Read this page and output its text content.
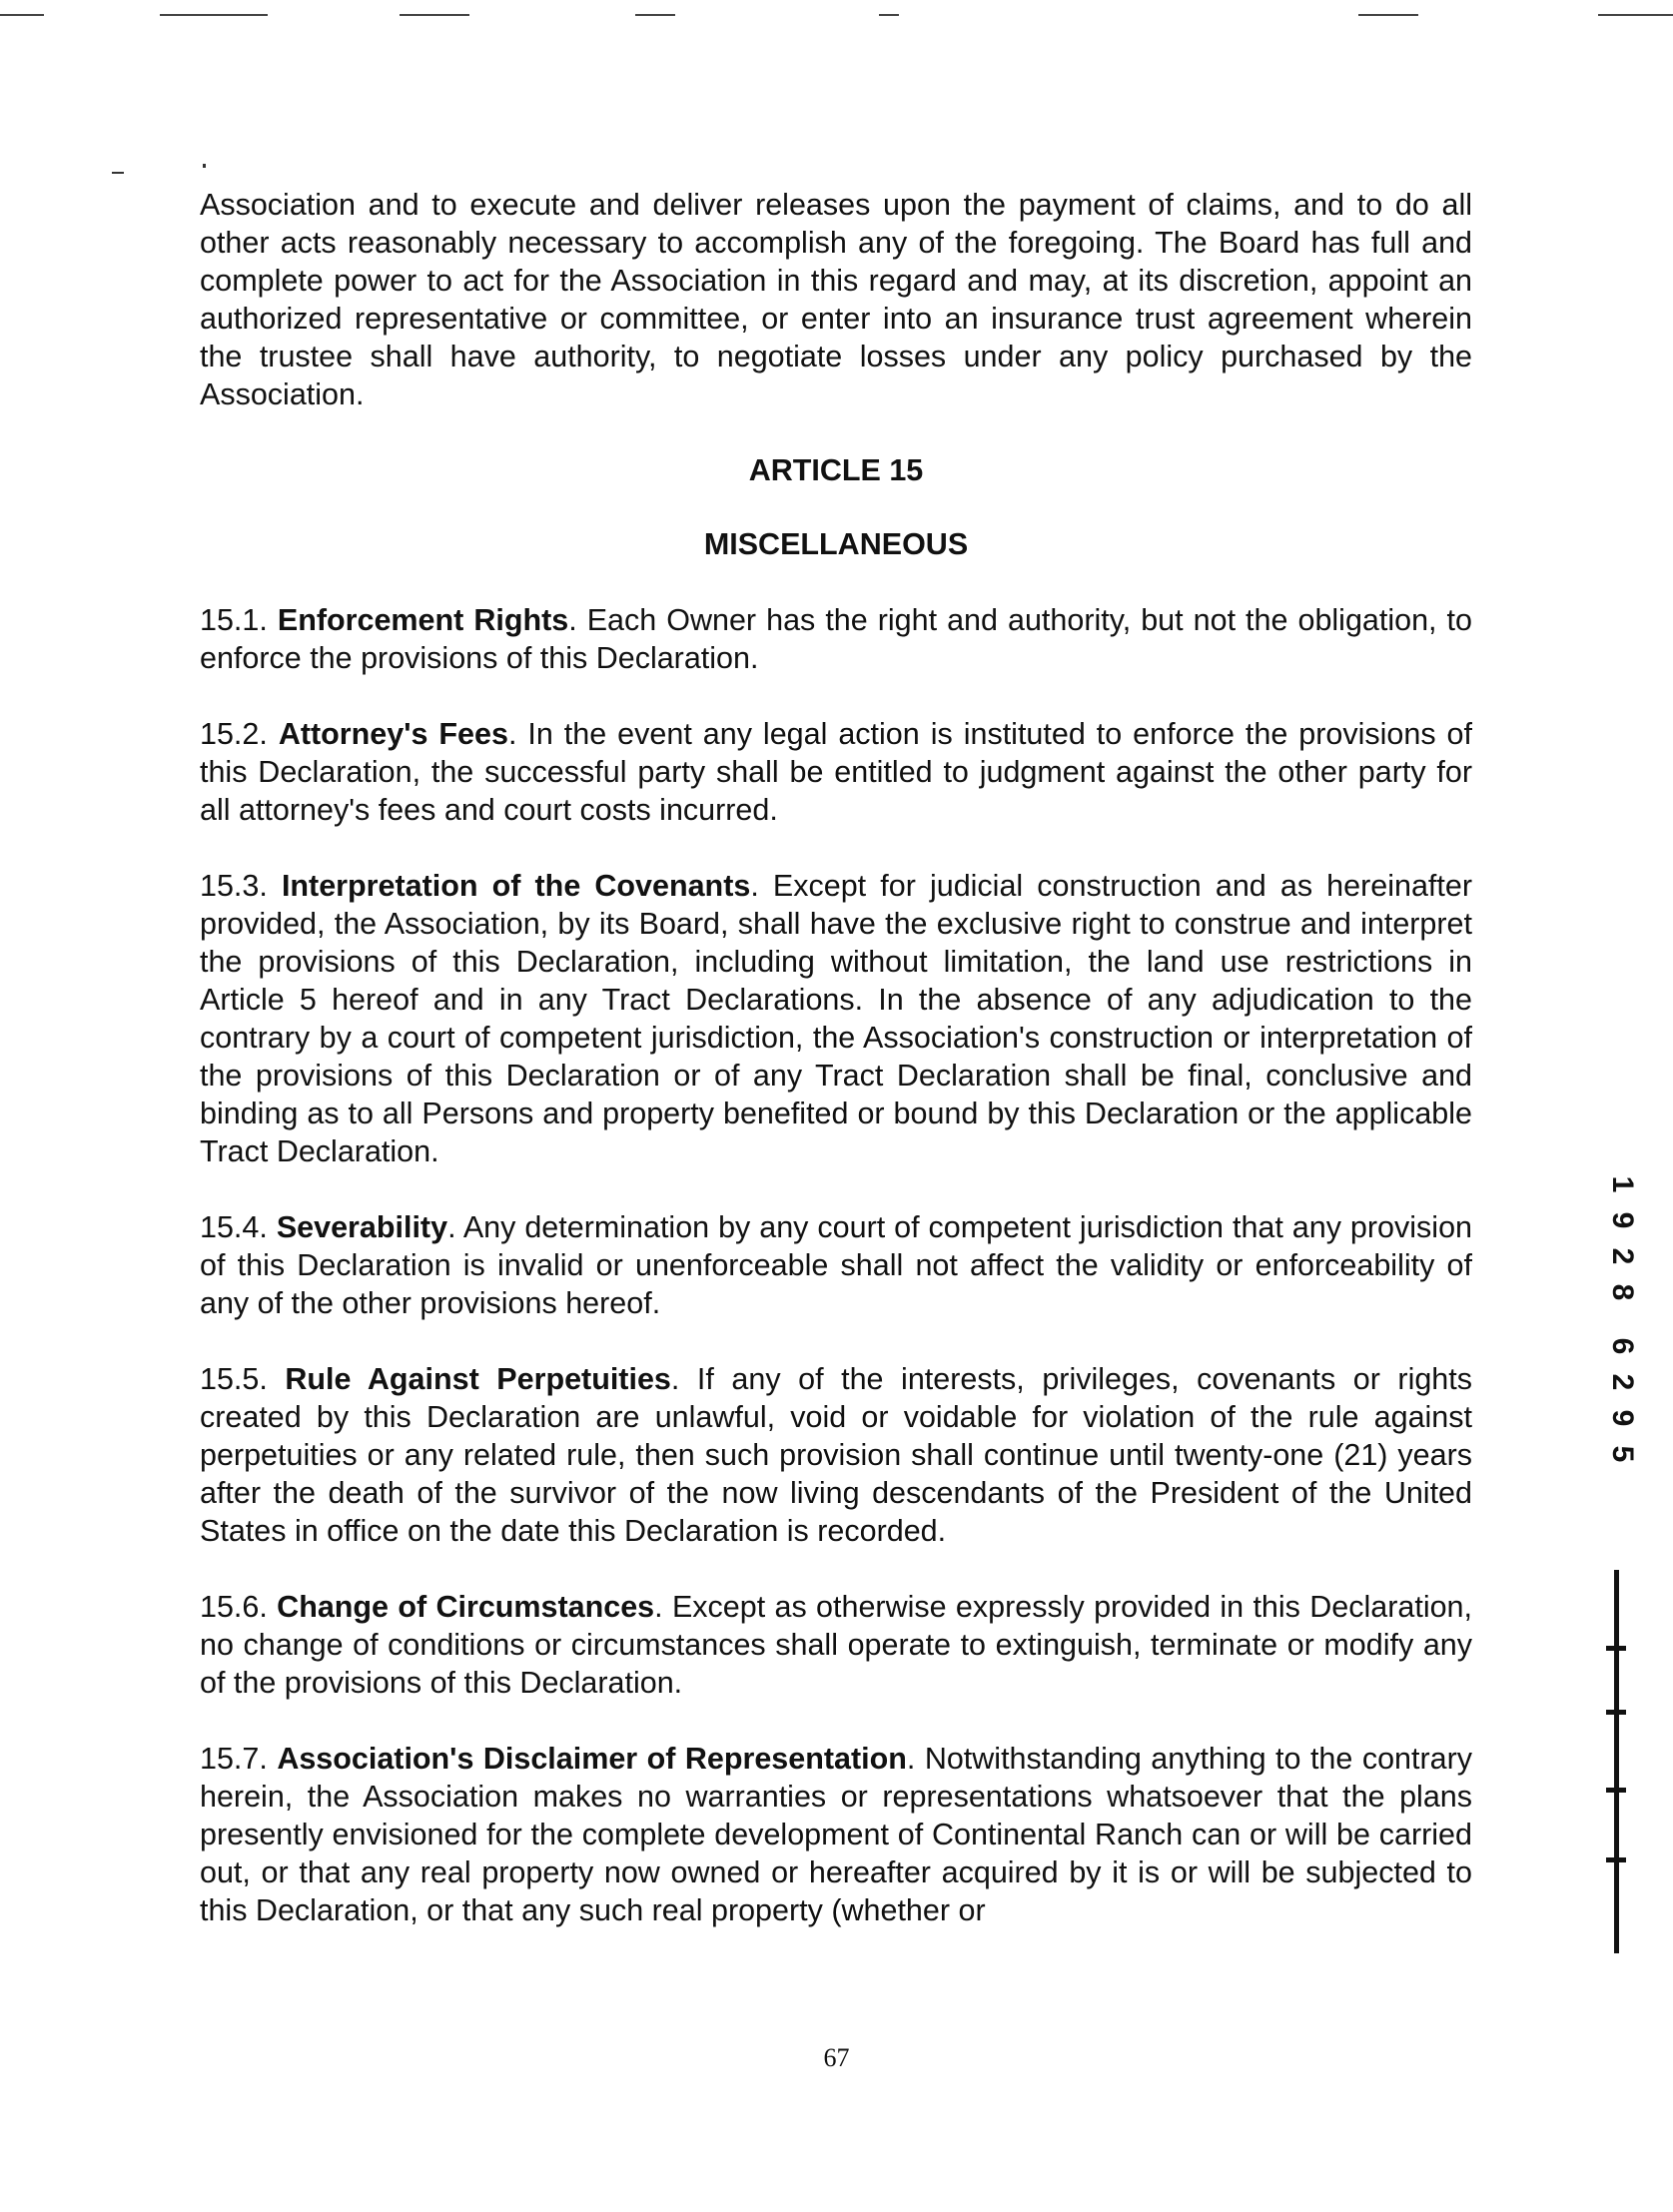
Association and to execute and deliver releases upon the payment of claims, and to do all other acts reasonably necessary to accomplish any of the foregoing. The Board has full and complete power to act for the Association in this regard and may, at its discretion, appoint an authorized representative or committee, or enter into an insurance trust agreement wherein the trustee shall have authority, to negotiate losses under any policy purchased by the Association.

ARTICLE 15
MISCELLANEOUS

15.1. Enforcement Rights. Each Owner has the right and authority, but not the obligation, to enforce the provisions of this Declaration.

15.2. Attorney's Fees. In the event any legal action is instituted to enforce the provisions of this Declaration, the successful party shall be entitled to judgment against the other party for all attorney's fees and court costs incurred.

15.3. Interpretation of the Covenants. Except for judicial construction and as hereinafter provided, the Association, by its Board, shall have the exclusive right to construe and interpret the provisions of this Declaration, including without limitation, the land use restrictions in Article 5 hereof and in any Tract Declarations. In the absence of any adjudication to the contrary by a court of competent jurisdiction, the Association's construction or interpretation of the provisions of this Declaration or of any Tract Declaration shall be final, conclusive and binding as to all Persons and property benefited or bound by this Declaration or the applicable Tract Declaration.

15.4. Severability. Any determination by any court of competent jurisdiction that any provision of this Declaration is invalid or unenforceable shall not affect the validity or enforceability of any of the other provisions hereof.

15.5. Rule Against Perpetuities. If any of the interests, privileges, covenants or rights created by this Declaration are unlawful, void or voidable for violation of the rule against perpetuities or any related rule, then such provision shall continue until twenty-one (21) years after the death of the survivor of the now living descendants of the President of the United States in office on the date this Declaration is recorded.

15.6. Change of Circumstances. Except as otherwise expressly provided in this Declaration, no change of conditions or circumstances shall operate to extinguish, terminate or modify any of the provisions of this Declaration.

15.7. Association's Disclaimer of Representation. Notwithstanding anything to the contrary herein, the Association makes no warranties or representations whatsoever that the plans presently envisioned for the complete development of Continental Ranch can or will be carried out, or that any real property now owned or hereafter acquired by it is or will be subjected to this Declaration, or that any such real property (whether or

1
9
2
8
6
2
9
5
67
